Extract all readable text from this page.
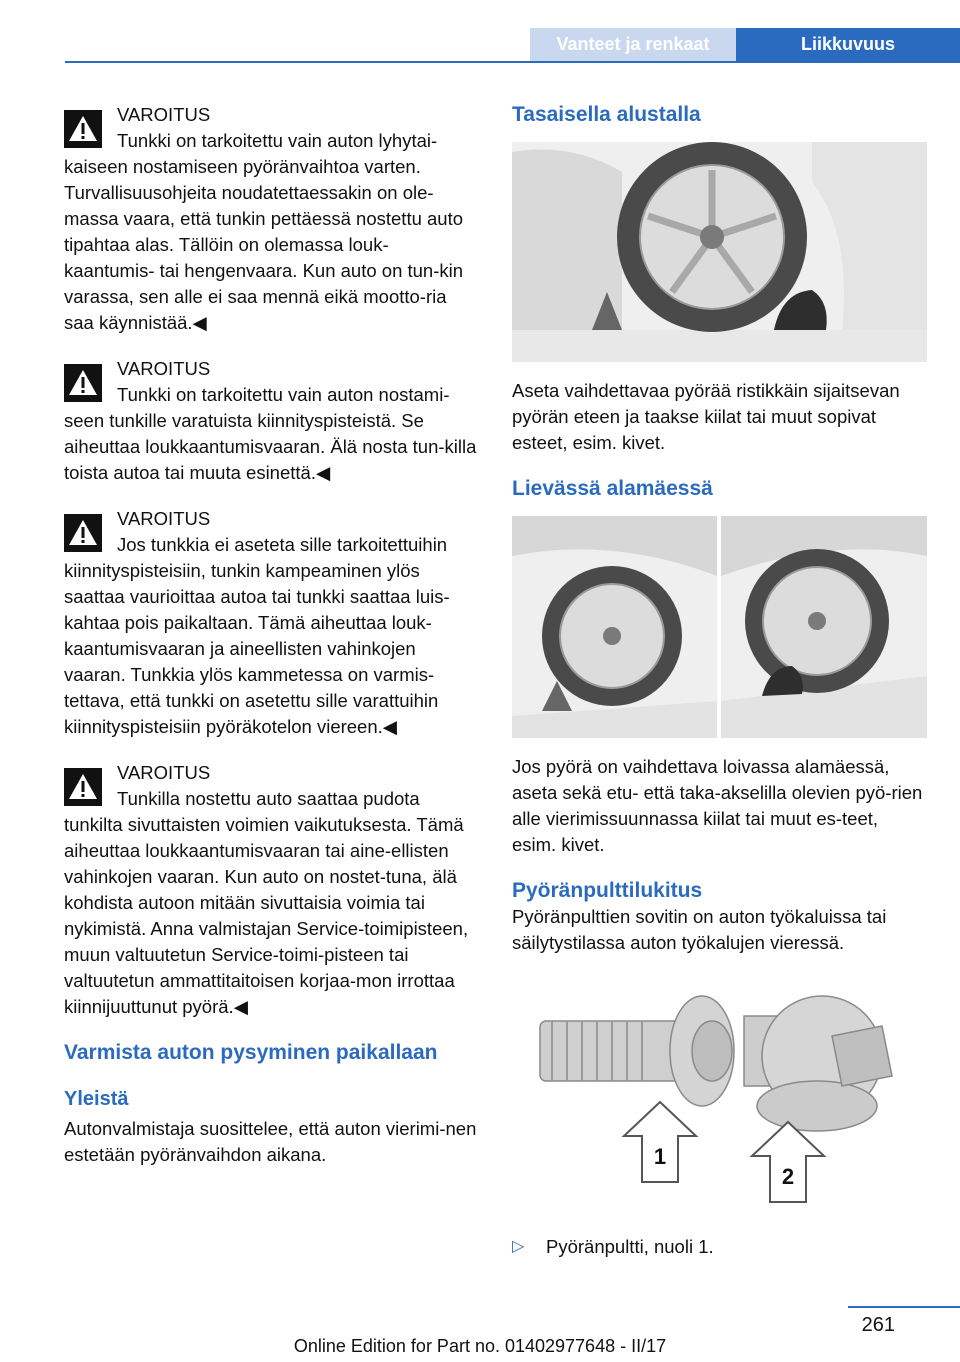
Vanteet ja renkaat	Liikkuvuus
VAROITUS
Tunkki on tarkoitettu vain auton lyhytai-

kaiseen nostamiseen pyöränvaihtoa varten. Turvallisuusohjeita noudatettaessakin on ole-massa vaara, että tunkin pettäessä nostettu auto tipahtaa alas. Tällöin on olemassa louk-kaantumis- tai hengenvaara. Kun auto on tun-kin varassa, sen alle ei saa mennä eikä mootto-ria saa käynnistää.◀

VAROITUS
Tunkki on tarkoitettu vain auton nostami-

seen tunkille varatuista kiinnityspisteistä. Se aiheuttaa loukkaantumisvaaran. Älä nosta tun-killa toista autoa tai muuta esinettä.◀

VAROITUS
Jos tunkkia ei aseteta sille tarkoitettuihin

kiinnityspisteisiin, tunkin kampeaminen ylös saattaa vaurioittaa autoa tai tunkki saattaa luis-kahtaa pois paikaltaan. Tämä aiheuttaa louk-kaantumisvaaran ja aineellisten vahinkojen vaaran. Tunkkia ylös kammetessa on varmis-tettava, että tunkki on asetettu sille varattuihin kiinnityspisteisiin pyöräkotelon viereen.◀

VAROITUS
Tunkilla nostettu auto saattaa pudota

tunkilta sivuttaisten voimien vaikutuksesta. Tämä aiheuttaa loukkaantumisvaaran tai aine-ellisten vahinkojen vaaran. Kun auto on nostet-tuna, älä kohdista autoon mitään sivuttaisia voimia tai nykimistä. Anna valmistajan Service-toimipisteen, muun valtuutetun Service-toimi-pisteen tai valtuutetun ammattitaitoisen korjaa-mon irrottaa kiinnijuuttunut pyörä.◀

Varmista auton pysyminen paikallaan
Yleistä

Autonvalmistaja suosittelee, että auton vierimi-nen estetään pyöränvaihdon aikana.

Tasaisella alustalla

Aseta vaihdettavaa pyörää ristikkäin sijaitsevan pyörän eteen ja taakse kiilat tai muut sopivat esteet, esim. kivet.

Lievässä alamäessä

Jos pyörä on vaihdettava loivassa alamäessä, aseta sekä etu- että taka-akselilla olevien pyö-rien alle vierimissuunnassa kiilat tai muut es-teet, esim. kivet.

Pyöränpulttilukitus

Pyöränpulttien sovitin on auton työkaluissa tai säilytystilassa auton työkalujen vieressä.

1
2
▷ Pyöränpultti, nuoli 1.
261
Online Edition for Part no. 01402977648 - II/17
